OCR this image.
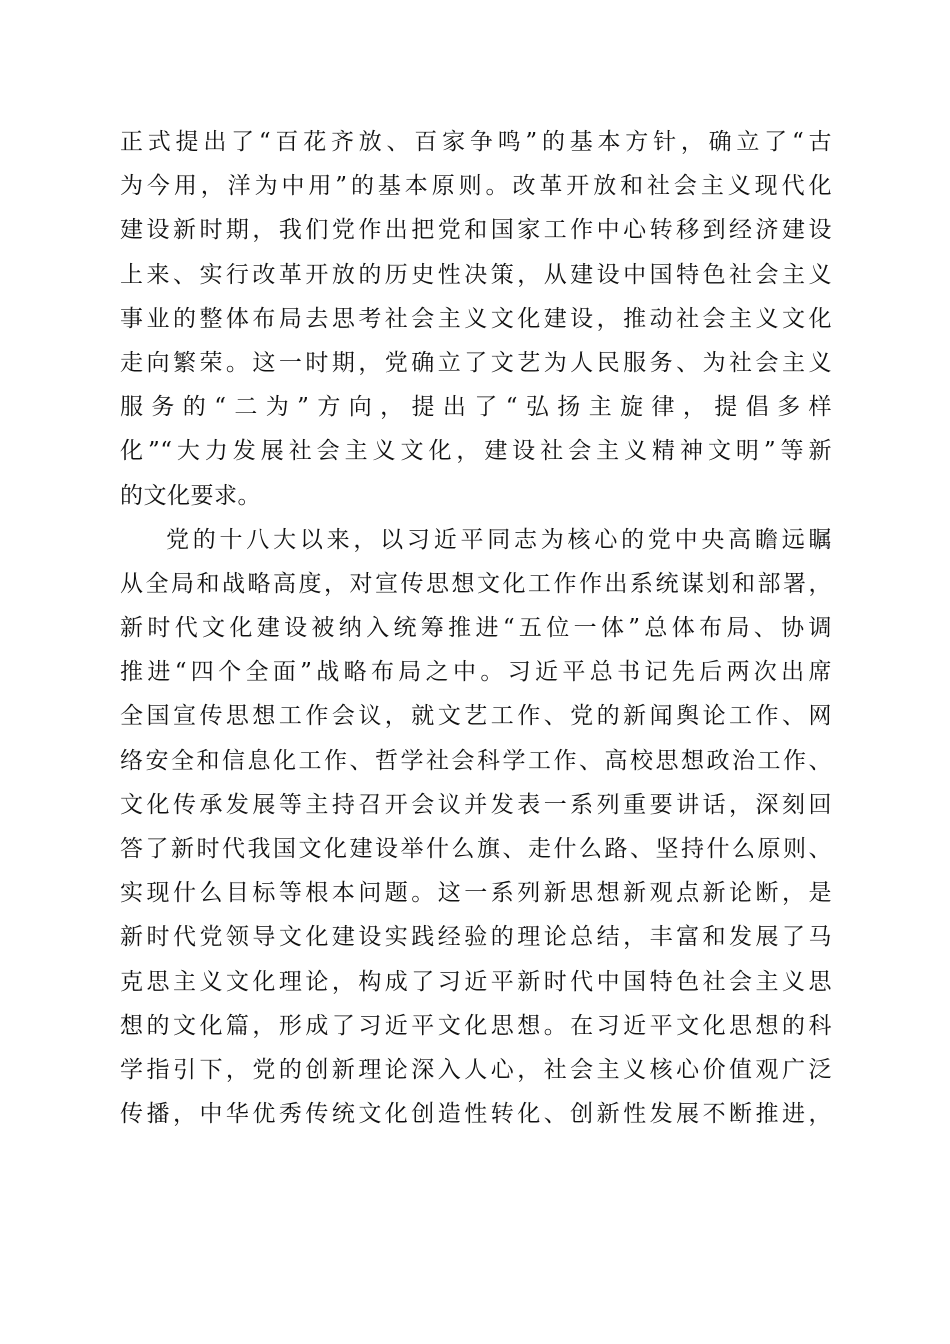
正式提出了“百花齐放、百家争鸣”的基本方针，确立了“古
为今用，洋为中用”的基本原则。改革开放和社会主义现代化
建设新时期，我们党作出把党和国家工作中心转移到经济建设
上来、实行改革开放的历史性决策，从建设中国特色社会主义
事业的整体布局去思考社会主义文化建设，推动社会主义文化
走向繁荣。这一时期，党确立了文艺为人民服务、为社会主义
服务的“二为”方向，提出了“弘扬主旋律，提倡多样
化”“大力发展社会主义文化，建设社会主义精神文明”等新
的文化要求。
党的十八大以来，以习近平同志为核心的党中央高瞻远瞩
从全局和战略高度，对宣传思想文化工作作出系统谋划和部署，
新时代文化建设被纳入统筹推进“五位一体”总体布局、协调
推进“四个全面”战略布局之中。习近平总书记先后两次出席
全国宣传思想工作会议，就文艺工作、党的新闻舆论工作、网
络安全和信息化工作、哲学社会科学工作、高校思想政治工作、
文化传承发展等主持召开会议并发表一系列重要讲话，深刻回
答了新时代我国文化建设举什么旗、走什么路、坚持什么原则、
实现什么目标等根本问题。这一系列新思想新观点新论断，是
新时代党领导文化建设实践经验的理论总结，丰富和发展了马
克思主义文化理论，构成了习近平新时代中国特色社会主义思
想的文化篇，形成了习近平文化思想。在习近平文化思想的科
学指引下，党的创新理论深入人心，社会主义核心价值观广泛
传播，中华优秀传统文化创造性转化、创新性发展不断推进，
